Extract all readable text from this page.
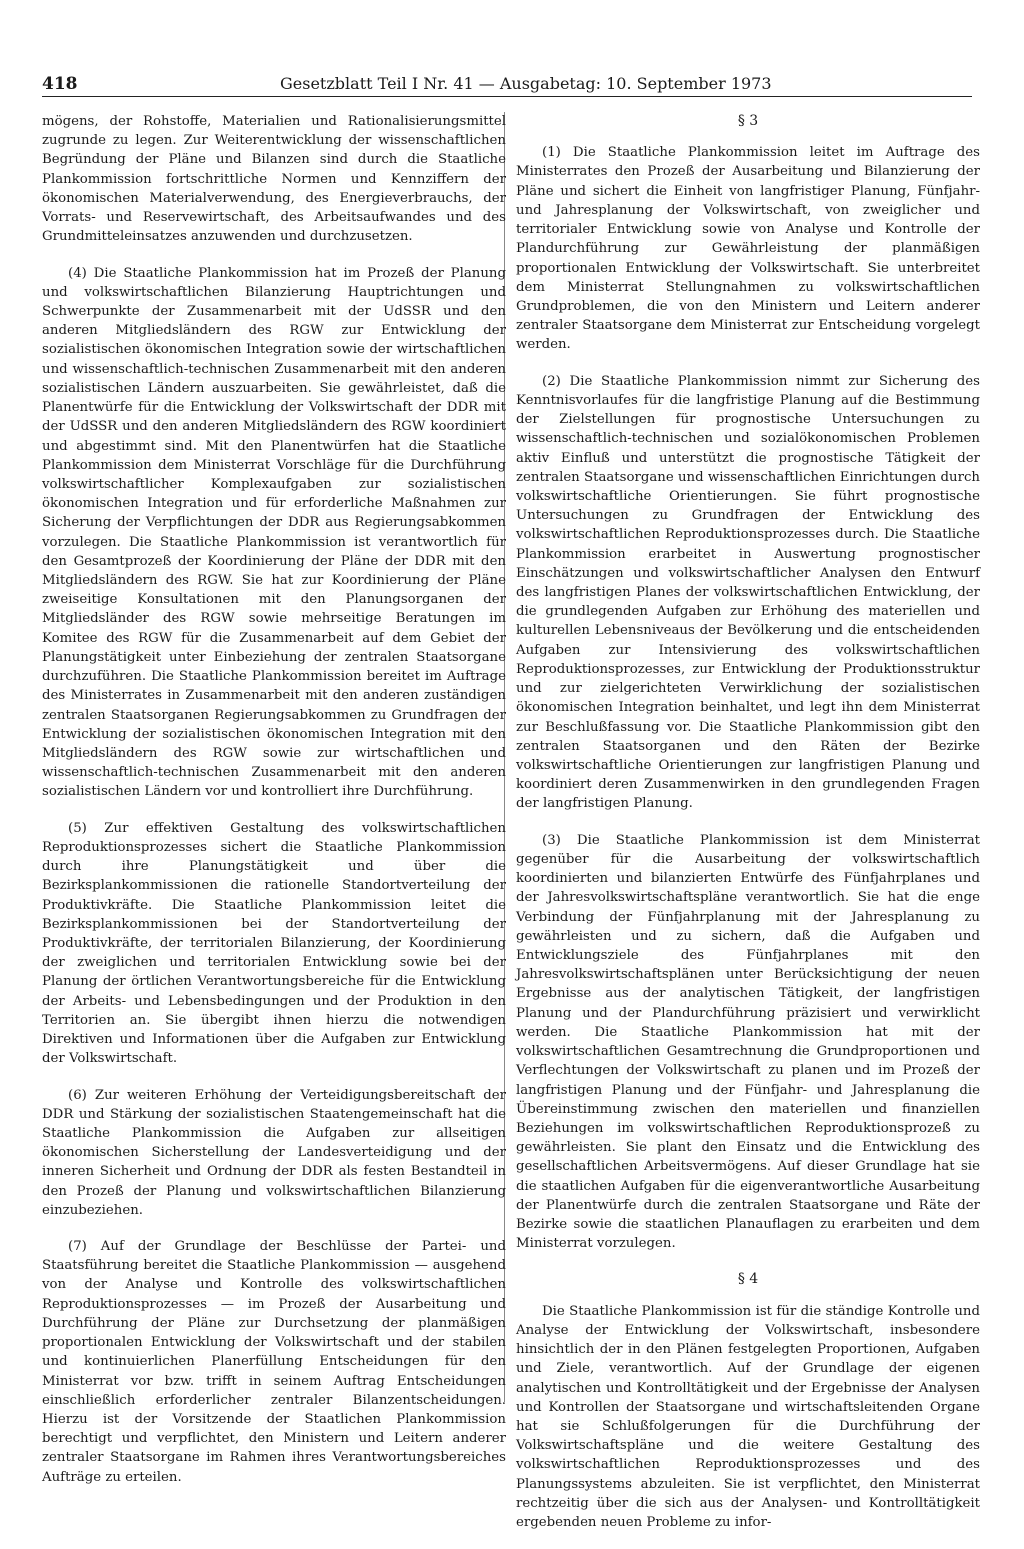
418	Gesetzblatt Teil I Nr. 41 — Ausgabetag: 10. September 1973

mögens, der Rohstoffe, Materialien und Rationalisierungsmittel zugrunde zu legen. Zur Weiterentwicklung der wissenschaftlichen Begründung der Pläne und Bilanzen sind durch die Staatliche Plankommission fortschrittliche Normen und Kennziffern der ökonomischen Materialverwendung, des Energieverbrauchs, der Vorrats- und Reservewirtschaft, des Arbeitsaufwandes und des Grundmitteleinsatzes anzuwenden und durchzusetzen.

(4) Die Staatliche Plankommission hat im Prozeß der Planung und volkswirtschaftlichen Bilanzierung Hauptrichtungen und Schwerpunkte der Zusammenarbeit mit der UdSSR und den anderen Mitgliedsländern des RGW zur Entwicklung der sozialistischen ökonomischen Integration sowie der wirtschaftlichen und wissenschaftlich-technischen Zusammenarbeit mit den anderen sozialistischen Ländern auszuarbeiten. Sie gewährleistet, daß die Planentwürfe für die Entwicklung der Volkswirtschaft der DDR mit der UdSSR und den anderen Mitgliedsländern des RGW koordiniert und abgestimmt sind. Mit den Planentwürfen hat die Staatliche Plankommission dem Ministerrat Vorschläge für die Durchführung volkswirtschaftlicher Komplexaufgaben zur sozialistischen ökonomischen Integration und für erforderliche Maßnahmen zur Sicherung der Verpflichtungen der DDR aus Regierungsabkommen vorzulegen. Die Staatliche Plankommission ist verantwortlich für den Gesamtprozeß der Koordinierung der Pläne der DDR mit den Mitgliedsländern des RGW. Sie hat zur Koordinierung der Pläne zweiseitige Konsultationen mit den Planungsorganen der Mitgliedsländer des RGW sowie mehrseitige Beratungen im Komitee des RGW für die Zusammenarbeit auf dem Gebiet der Planungstätigkeit unter Einbeziehung der zentralen Staatsorgane durchzuführen. Die Staatliche Plankommission bereitet im Auftrage des Ministerrates in Zusammenarbeit mit den anderen zuständigen zentralen Staatsorganen Regierungsabkommen zu Grundfragen der Entwicklung der sozialistischen ökonomischen Integration mit den Mitgliedsländern des RGW sowie zur wirtschaftlichen und wissenschaftlich-technischen Zusammenarbeit mit den anderen sozialistischen Ländern vor und kontrolliert ihre Durchführung.

(5) Zur effektiven Gestaltung des volkswirtschaftlichen Reproduktionsprozesses sichert die Staatliche Plankommission durch ihre Planungstätigkeit und über die Bezirksplankommissionen die rationelle Standortverteilung der Produktivkräfte. Die Staatliche Plankommission leitet die Bezirksplankommissionen bei der Standortverteilung der Produktivkräfte, der territorialen Bilanzierung, der Koordinierung der zweiglichen und territorialen Entwicklung sowie bei der Planung der örtlichen Verantwortungsbereiche für die Entwicklung der Arbeits- und Lebensbedingungen und der Produktion in den Territorien an. Sie übergibt ihnen hierzu die notwendigen Direktiven und Informationen über die Aufgaben zur Entwicklung der Volkswirtschaft.

(6) Zur weiteren Erhöhung der Verteidigungsbereitschaft der DDR und Stärkung der sozialistischen Staatengemeinschaft hat die Staatliche Plankommission die Aufgaben zur allseitigen ökonomischen Sicherstellung der Landesverteidigung und der inneren Sicherheit und Ordnung der DDR als festen Bestandteil in den Prozeß der Planung und volkswirtschaftlichen Bilanzierung einzubeziehen.

(7) Auf der Grundlage der Beschlüsse der Partei- und Staatsführung bereitet die Staatliche Plankommission — ausgehend von der Analyse und Kontrolle des volkswirtschaftlichen Reproduktionsprozesses — im Prozeß der Ausarbeitung und Durchführung der Pläne zur Durchsetzung der planmäßigen proportionalen Entwicklung der Volkswirtschaft und der stabilen und kontinuierlichen Planerfüllung Entscheidungen für den Ministerrat vor bzw. trifft in seinem Auftrag Entscheidungen einschließlich erforderlicher zentraler Bilanzentscheidungen. Hierzu ist der Vorsitzende der Staatlichen Plankommission berechtigt und verpflichtet, den Ministern und Leitern anderer zentraler Staatsorgane im Rahmen ihres Verantwortungsbereiches Aufträge zu erteilen.

§ 3

(1) Die Staatliche Plankommission leitet im Auftrage des Ministerrates den Prozeß der Ausarbeitung und Bilanzierung der Pläne und sichert die Einheit von langfristiger Planung, Fünfjahr- und Jahresplanung der Volkswirtschaft, von zweiglicher und territorialer Entwicklung sowie von Analyse und Kontrolle der Plandurchführung zur Gewährleistung der planmäßigen proportionalen Entwicklung der Volkswirtschaft. Sie unterbreitet dem Ministerrat Stellungnahmen zu volkswirtschaftlichen Grundproblemen, die von den Ministern und Leitern anderer zentraler Staatsorgane dem Ministerrat zur Entscheidung vorgelegt werden.

(2) Die Staatliche Plankommission nimmt zur Sicherung des Kenntnisvorlaufes für die langfristige Planung auf die Bestimmung der Zielstellungen für prognostische Untersuchungen zu wissenschaftlich-technischen und sozialökonomischen Problemen aktiv Einfluß und unterstützt die prognostische Tätigkeit der zentralen Staatsorgane und wissenschaftlichen Einrichtungen durch volkswirtschaftliche Orientierungen. Sie führt prognostische Untersuchungen zu Grundfragen der Entwicklung des volkswirtschaftlichen Reproduktionsprozesses durch. Die Staatliche Plankommission erarbeitet in Auswertung prognostischer Einschätzungen und volkswirtschaftlicher Analysen den Entwurf des langfristigen Planes der volkswirtschaftlichen Entwicklung, der die grundlegenden Aufgaben zur Erhöhung des materiellen und kulturellen Lebensniveaus der Bevölkerung und die entscheidenden Aufgaben zur Intensivierung des volkswirtschaftlichen Reproduktionsprozesses, zur Entwicklung der Produktionsstruktur und zur zielgerichteten Verwirklichung der sozialistischen ökonomischen Integration beinhaltet, und legt ihn dem Ministerrat zur Beschlußfassung vor. Die Staatliche Plankommission gibt den zentralen Staatsorganen und den Räten der Bezirke volkswirtschaftliche Orientierungen zur langfristigen Planung und koordiniert deren Zusammenwirken in den grundlegenden Fragen der langfristigen Planung.

(3) Die Staatliche Plankommission ist dem Ministerrat gegenüber für die Ausarbeitung der volkswirtschaftlich koordinierten und bilanzierten Entwürfe des Fünfjahrplanes und der Jahresvolkswirtschaftspläne verantwortlich. Sie hat die enge Verbindung der Fünfjahrplanung mit der Jahresplanung zu gewährleisten und zu sichern, daß die Aufgaben und Entwicklungsziele des Fünfjahrplanes mit den Jahresvolkswirtschaftsplänen unter Berücksichtigung der neuen Ergebnisse aus der analytischen Tätigkeit, der langfristigen Planung und der Plandurchführung präzisiert und verwirklicht werden. Die Staatliche Plankommission hat mit der volkswirtschaftlichen Gesamtrechnung die Grundproportionen und Verflechtungen der Volkswirtschaft zu planen und im Prozeß der langfristigen Planung und der Fünfjahr- und Jahresplanung die Übereinstimmung zwischen den materiellen und finanziellen Beziehungen im volkswirtschaftlichen Reproduktionsprozeß zu gewährleisten. Sie plant den Einsatz und die Entwicklung des gesellschaftlichen Arbeitsvermögens. Auf dieser Grundlage hat sie die staatlichen Aufgaben für die eigenverantwortliche Ausarbeitung der Planentwürfe durch die zentralen Staatsorgane und Räte der Bezirke sowie die staatlichen Planauflagen zu erarbeiten und dem Ministerrat vorzulegen.

§ 4

Die Staatliche Plankommission ist für die ständige Kontrolle und Analyse der Entwicklung der Volkswirtschaft, insbesondere hinsichtlich der in den Plänen festgelegten Proportionen, Aufgaben und Ziele, verantwortlich. Auf der Grundlage der eigenen analytischen und Kontrolltätigkeit und der Ergebnisse der Analysen und Kontrollen der Staatsorgane und wirtschaftsleitenden Organe hat sie Schlußfolgerungen für die Durchführung der Volkswirtschaftspläne und die weitere Gestaltung des volkswirtschaftlichen Reproduktionsprozesses und des Planungssystems abzuleiten. Sie ist verpflichtet, den Ministerrat rechtzeitig über die sich aus der Analysen- und Kontrolltätigkeit ergebenden neuen Probleme zu infor-
